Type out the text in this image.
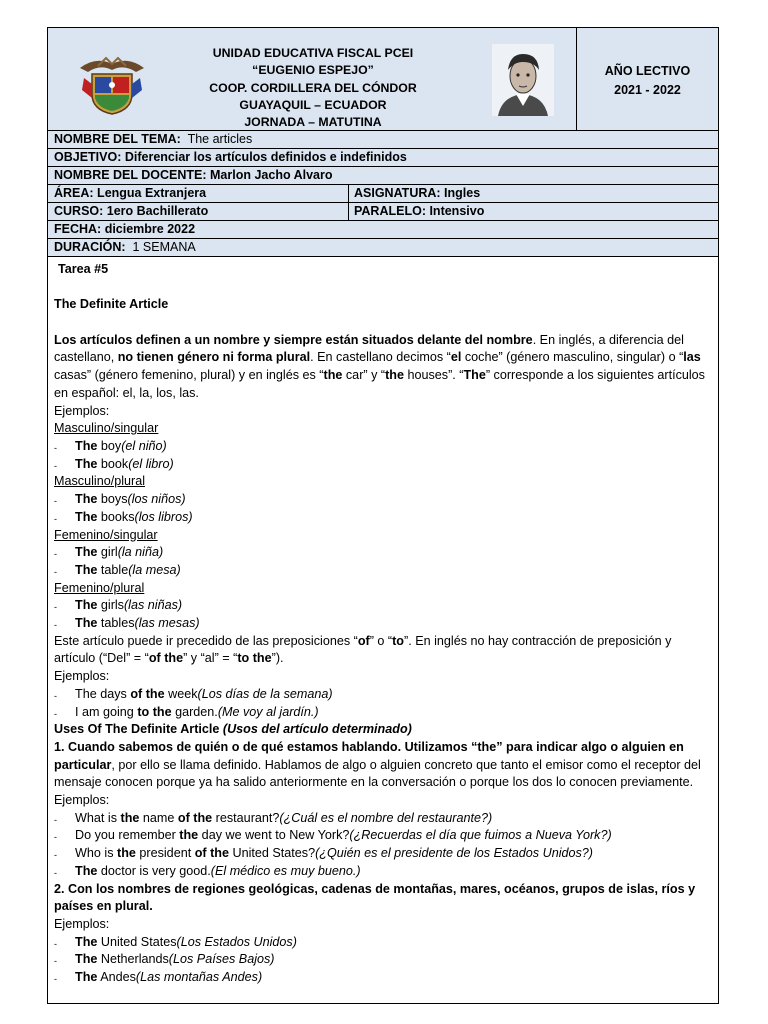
UNIDAD EDUCATIVA FISCAL PCEI
“EUGENIO ESPEJO”
COOP. CORDILLERA DEL CÓNDOR
GUAYAQUIL – ECUADOR
JORNADA – MATUTINA
AÑO LECTIVO
2021 - 2022
NOMBRE DEL TEMA: The articles
OBJETIVO: Diferenciar los artículos definidos e indefinidos
NOMBRE DEL DOCENTE: Marlon Jacho Alvaro
ÁREA: Lengua Extranjera	ASIGNATURA: Ingles
CURSO: 1ero Bachillerato	PARALELO: Intensivo
FECHA: diciembre 2022
DURACIÓN: 1 SEMANA

Tarea #5

The Definite Article

Los artículos definen a un nombre y siempre están situados delante del nombre. En inglés, a diferencia del castellano, no tienen género ni forma plural. En castellano decimos “el coche” (género masculino, singular) o “las casas” (género femenino, plural) y en inglés es “the car” y “the houses”. “The” corresponde a los siguientes artículos en español: el, la, los, las.

Ejemplos:

Masculino/singular

- The boy(el niño)

- The book(el libro)

Masculino/plural

- The boys(los niños)

- The books(los libros)

Femenino/singular

- The girl(la niña)

- The table(la mesa)

Femenino/plural

- The girls(las niñas)

- The tables(las mesas)

Este artículo puede ir precedido de las preposiciones “of” o “to”. En inglés no hay contracción de preposición y artículo (“Del” = “of the” y “al” = “to the”).

Ejemplos:

- The days of the week(Los días de la semana)

- I am going to the garden.(Me voy al jardín.)

Uses Of The Definite Article (Usos del artículo determinado)

1. Cuando sabemos de quién o de qué estamos hablando. Utilizamos “the” para indicar algo o alguien en particular, por ello se llama definido. Hablamos de algo o alguien concreto que tanto el emisor como el receptor del mensaje conocen porque ya ha salido anteriormente en la conversación o porque los dos lo conocen previamente.

Ejemplos:

- What is the name of the restaurant?(¿Cuál es el nombre del restaurante?)

- Do you remember the day we went to New York?(¿Recuerdas el día que fuimos a Nueva York?)

- Who is the president of the United States?(¿Quién es el presidente de los Estados Unidos?)

- The doctor is very good.(El médico es muy bueno.)

2. Con los nombres de regiones geológicas, cadenas de montañas, mares, océanos, grupos de islas, ríos y países en plural.

Ejemplos:

- The United States(Los Estados Unidos)

- The Netherlands(Los Países Bajos)

- The Andes(Las montañas Andes)
